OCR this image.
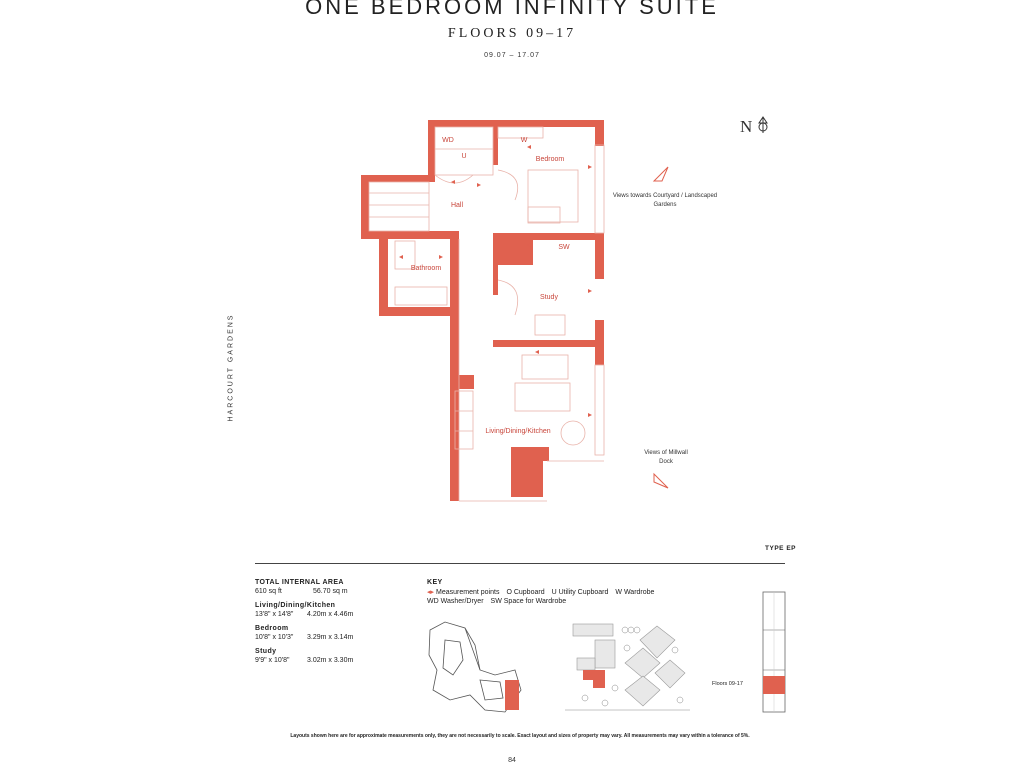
ONE BEDROOM INFINITY SUITE
FLOORS 09–17
09.07 – 17.07
N
HARCOURT GARDENS
WD
U
W
Bedroom
Hall
SW
Bathroom
Study
Living/Dining/Kitchen
Views towards Courtyard / Landscaped Gardens
Views of Millwall Dock
TYPE EP
TOTAL INTERNAL AREA
610 sq ft	56.70 sq m
Living/Dining/Kitchen
13'8" x 14'8" 4.20m x 4.46m
Bedroom
10'8" x 10'3" 3.29m x 3.14m
Study
9'9" x 10'8"	3.02m x 3.30m
KEY
◂▸ Measurement points O Cupboard U Utility Cupboard W Wardrobe
WD Washer/Dryer SW Space for Wardrobe
Floors 09-17
Layouts shown here are for approximate measurements only, they are not necessarily to scale. Exact layout and sizes of property may vary. All measurements may vary within a tolerance of 5%.
84
